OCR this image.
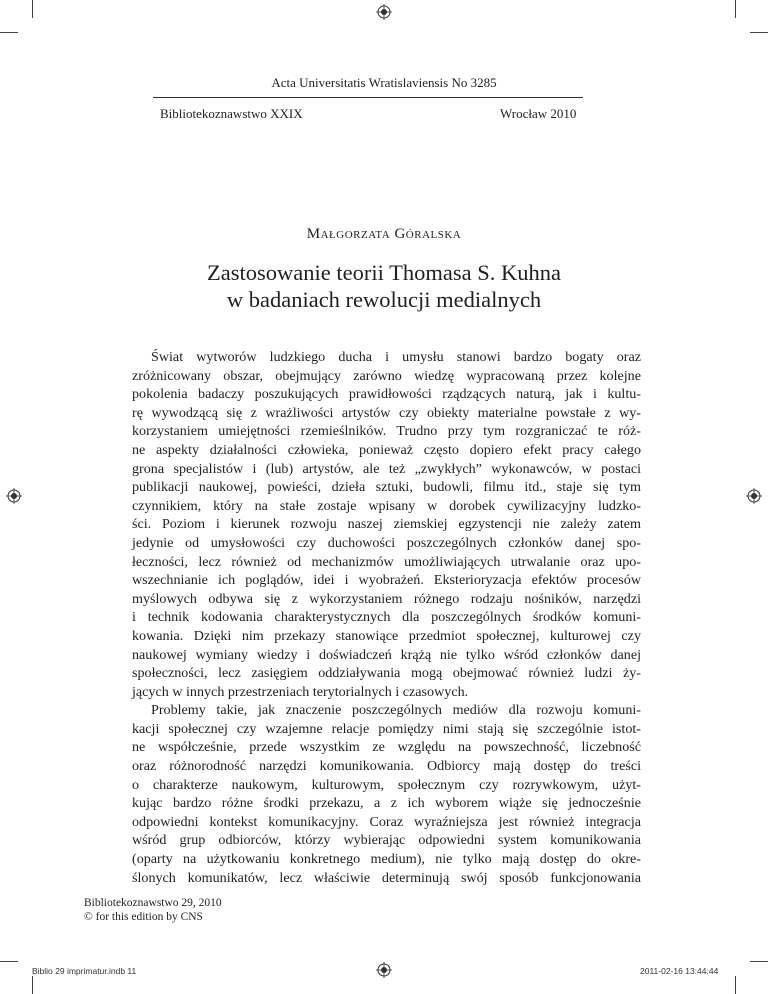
Acta Universitatis Wratislaviensis No 3285
Bibliotekoznawstwo XXIX	Wrocław 2010
Małgorzata Góralska
Zastosowanie teorii Thomasa S. Kuhna
w badaniach rewolucji medialnych
Świat wytworów ludzkiego ducha i umysłu stanowi bardzo bogaty oraz
zróżnicowany obszar, obejmujący zarówno wiedzę wypracowaną przez kolejne
pokolenia badaczy poszukujących prawidłowości rządzących naturą, jak i kultu-
rę wywodzącą się z wrażliwości artystów czy obiekty materialne powstałe z wy-
korzystaniem umiejętności rzemieślników. Trudno przy tym rozgraniczać te róż-
ne aspekty działalności człowieka, ponieważ często dopiero efekt pracy całego
grona specjalistów i (lub) artystów, ale też „zwykłych” wykonawców, w postaci
publikacji naukowej, powieści, dzieła sztuki, budowli, filmu itd., staje się tym
czynnikiem, który na stałe zostaje wpisany w dorobek cywilizacyjny ludzko-
ści. Poziom i kierunek rozwoju naszej ziemskiej egzystencji nie zależy zatem
jedynie od umysłowości czy duchowości poszczególnych członków danej spo-
łeczności, lecz również od mechanizmów umożliwiających utrwalanie oraz upo-
wszechnianie ich poglądów, idei i wyobrażeń. Eksterioryzacja efektów procesów
myślowych odbywa się z wykorzystaniem różnego rodzaju nośników, narzędzi
i technik kodowania charakterystycznych dla poszczególnych środków komuni-
kowania. Dzięki nim przekazy stanowiące przedmiot społecznej, kulturowej czy
naukowej wymiany wiedzy i doświadczeń krążą nie tylko wśród członków danej
społeczności, lecz zasięgiem oddziaływania mogą obejmować również ludzi ży-
jących w innych przestrzeniach terytorialnych i czasowych.
Problemy takie, jak znaczenie poszczególnych mediów dla rozwoju komuni-
kacji społecznej czy wzajemne relacje pomiędzy nimi stają się szczególnie istot-
ne współcześnie, przede wszystkim ze względu na powszechność, liczebność
oraz różnorodność narzędzi komunikowania. Odbiorcy mają dostęp do treści
o charakterze naukowym, kulturowym, społecznym czy rozrywkowym, użyt-
kując bardzo różne środki przekazu, a z ich wyborem wiąże się jednocześnie
odpowiedni kontekst komunikacyjny. Coraz wyraźniejsza jest również integracja
wśród grup odbiorców, którzy wybierając odpowiedni system komunikowania
(oparty na użytkowaniu konkretnego medium), nie tylko mają dostęp do okre-
ślonych komunikatów, lecz właściwie determinują swój sposób funkcjonowania
Bibliotekoznawstwo 29, 2010
© for this edition by CNS
Biblio 29 imprimatur.indb 11	2011-02-16 13:44:44
